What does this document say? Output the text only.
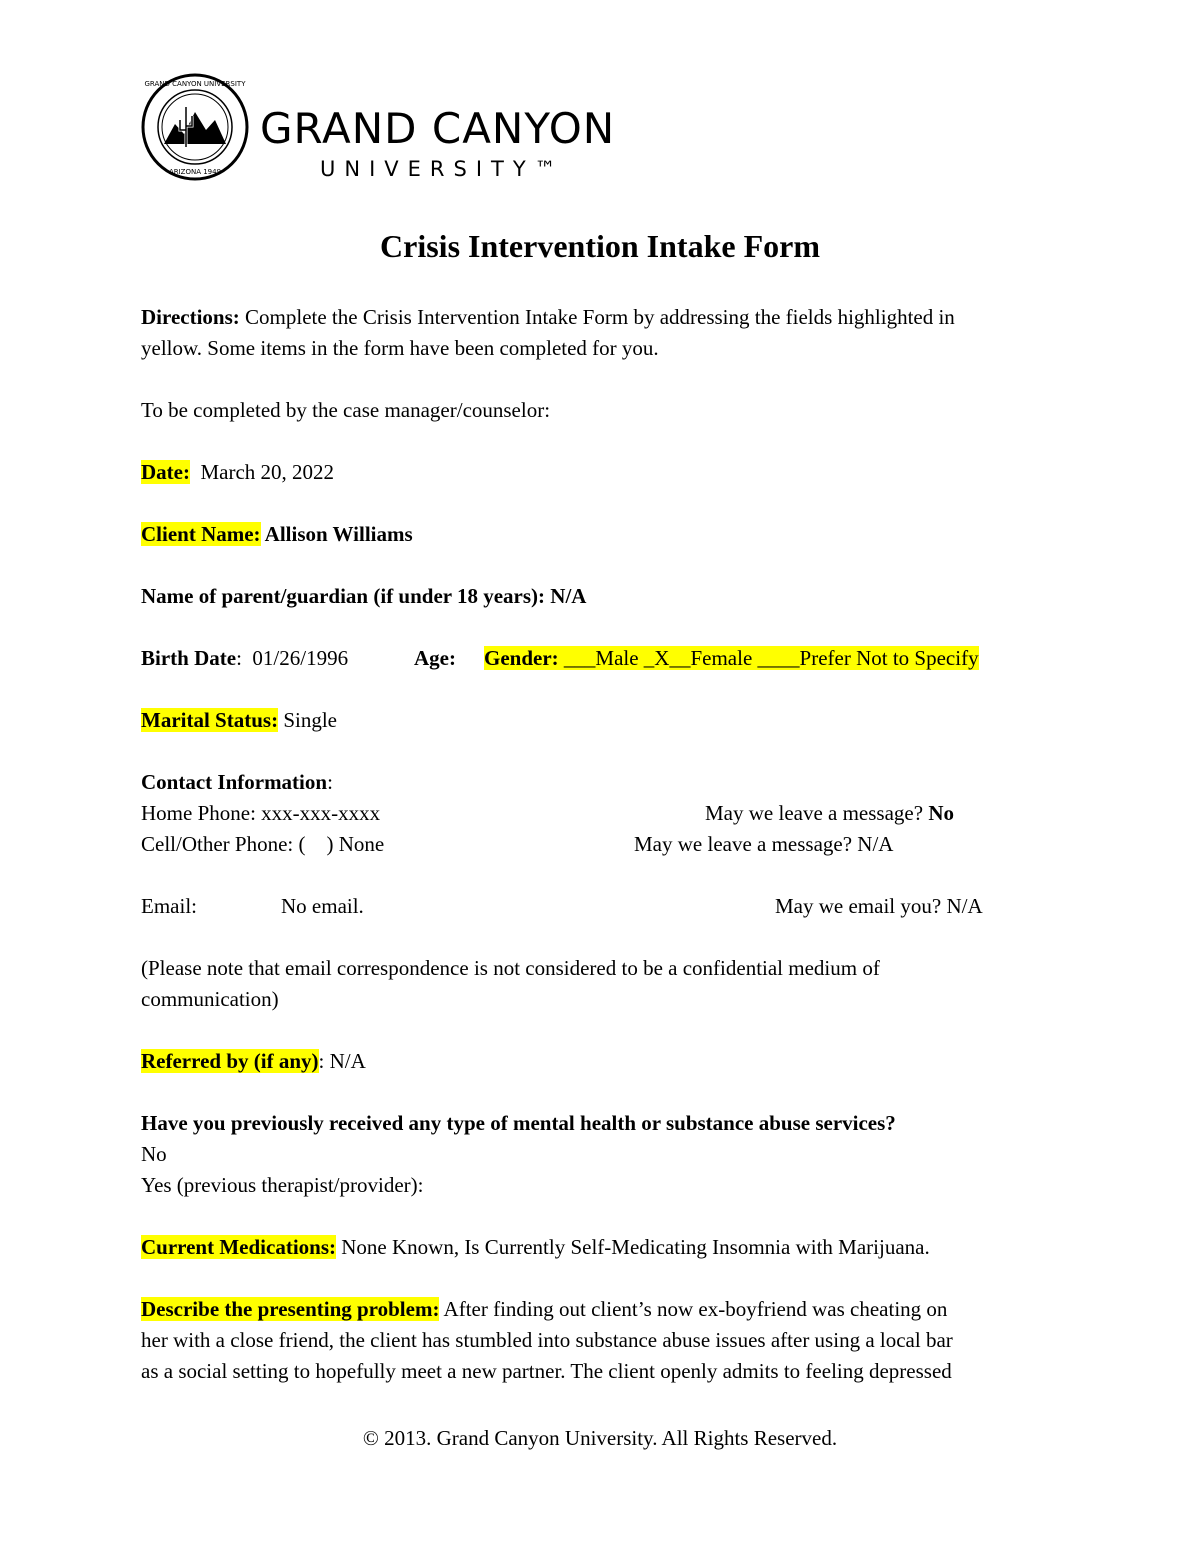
GRAND CANYON UNIVERSITY
ARIZONA 1949
GRAND CANYON
UNIVERSITY™
Crisis Intervention Intake Form
Directions: Complete the Crisis Intervention Intake Form by addressing the fields highlighted in
yellow. Some items in the form have been completed for you.
To be completed by the case manager/counselor:
Date:  March 20, 2022
Client Name: Allison Williams
Name of parent/guardian (if under 18 years): N/A
Birth Date:  01/26/1996	Age: Gender: ___Male _X__Female ____Prefer Not to Specify
Marital Status: Single
Contact Information:
Home Phone: xxx-xxx-xxxx	May we leave a message? No
Cell/Other Phone: (    ) None	May we leave a message? N/A
Email:	No email.	May we email you? N/A
(Please note that email correspondence is not considered to be a confidential medium of
communication)
Referred by (if any): N/A
Have you previously received any type of mental health or substance abuse services?
No
Yes (previous therapist/provider):
Current Medications: None Known, Is Currently Self-Medicating Insomnia with Marijuana.
Describe the presenting problem: After finding out client’s now ex-boyfriend was cheating on
her with a close friend, the client has stumbled into substance abuse issues after using a local bar
as a social setting to hopefully meet a new partner. The client openly admits to feeling depressed
© 2013. Grand Canyon University. All Rights Reserved.
